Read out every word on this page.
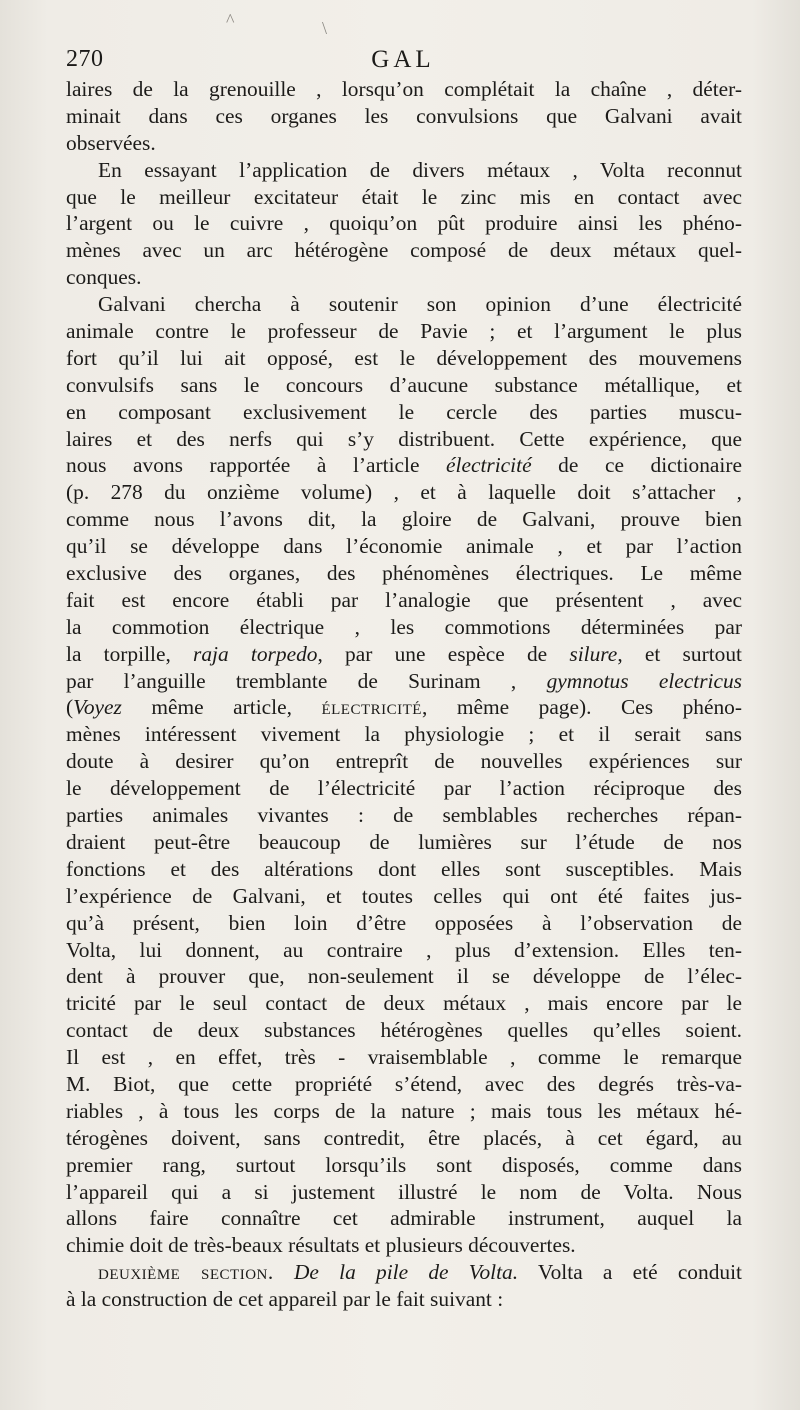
^	\
270	GAL
laires de la grenouille , lorsqu’on complétait la chaîne , déter-
minait dans ces organes les convulsions que Galvani avait
observées.
En essayant l’application de divers métaux , Volta reconnut
que le meilleur excitateur était le zinc mis en contact avec
l’argent ou le cuivre , quoiqu’on pût produire ainsi les phéno-
mènes avec un arc hétérogène composé de deux métaux quel-
conques.
Galvani chercha à soutenir son opinion d’une électricité
animale contre le professeur de Pavie ; et l’argument le plus
fort qu’il lui ait opposé, est le développement des mouvemens
convulsifs sans le concours d’aucune substance métallique, et
en composant exclusivement le cercle des parties muscu-
laires et des nerfs qui s’y distribuent. Cette expérience, que
nous avons rapportée à l’article électricité de ce dictionaire
(p. 278 du onzième volume) , et à laquelle doit s’attacher ,
comme nous l’avons dit, la gloire de Galvani, prouve bien
qu’il se développe dans l’économie animale , et par l’action
exclusive des organes, des phénomènes électriques. Le même
fait est encore établi par l’analogie que présentent , avec
la commotion électrique , les commotions déterminées par
la torpille, raja torpedo, par une espèce de silure, et surtout
par l’anguille tremblante de Surinam , gymnotus electricus
(Voyez même article, électricité, même page). Ces phéno-
mènes intéressent vivement la physiologie ; et il serait sans
doute à desirer qu’on entreprît de nouvelles expériences sur
le développement de l’électricité par l’action réciproque des
parties animales vivantes : de semblables recherches répan-
draient peut-être beaucoup de lumières sur l’étude de nos
fonctions et des altérations dont elles sont susceptibles. Mais
l’expérience de Galvani, et toutes celles qui ont été faites jus-
qu’à présent, bien loin d’être opposées à l’observation de
Volta, lui donnent, au contraire , plus d’extension. Elles ten-
dent à prouver que, non-seulement il se développe de l’élec-
tricité par le seul contact de deux métaux , mais encore par le
contact de deux substances hétérogènes quelles qu’elles soient.
Il est , en effet, très - vraisemblable , comme le remarque
M. Biot, que cette propriété s’étend, avec des degrés très-va-
riables , à tous les corps de la nature ; mais tous les métaux hé-
térogènes doivent, sans contredit, être placés, à cet égard, au
premier rang, surtout lorsqu’ils sont disposés, comme dans
l’appareil qui a si justement illustré le nom de Volta. Nous
allons faire connaître cet admirable instrument, auquel la
chimie doit de très-beaux résultats et plusieurs découvertes.
deuxième section. De la pile de Volta. Volta a eté conduit
à la construction de cet appareil par le fait suivant :
